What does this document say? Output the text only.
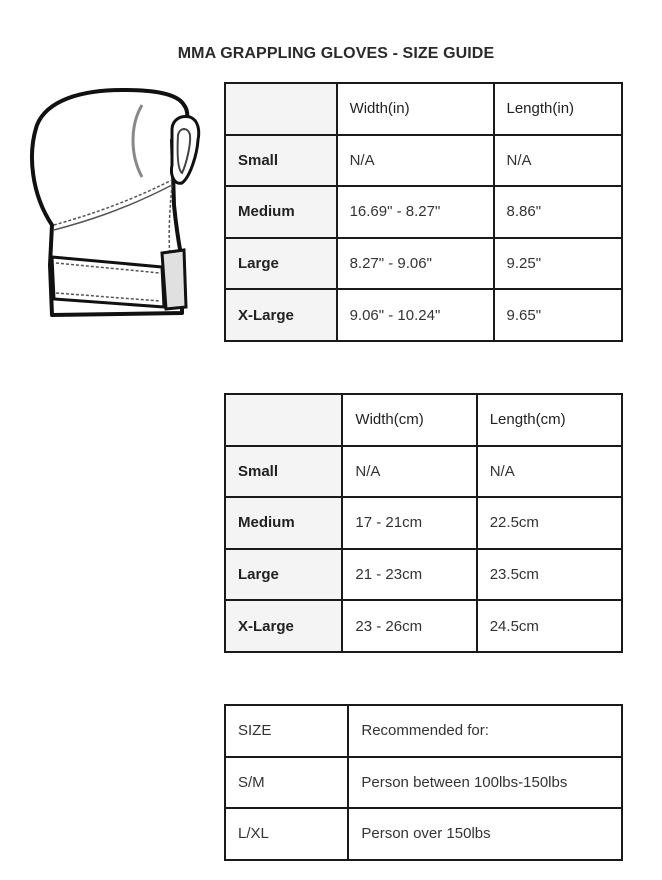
MMA GRAPPLING GLOVES - SIZE GUIDE
	Width(in)	Length(in)
Small	N/A	N/A
Medium	16.69" - 8.27"	8.86"
Large	8.27" - 9.06"	9.25"
X-Large	9.06" - 10.24"	9.65"
	Width(cm)	Length(cm)
Small	N/A	N/A
Medium	17 - 21cm	22.5cm
Large	21 - 23cm	23.5cm
X-Large	23 - 26cm	24.5cm
SIZE	Recommended for:
S/M	Person between 100lbs-150lbs
L/XL	Person over 150lbs
